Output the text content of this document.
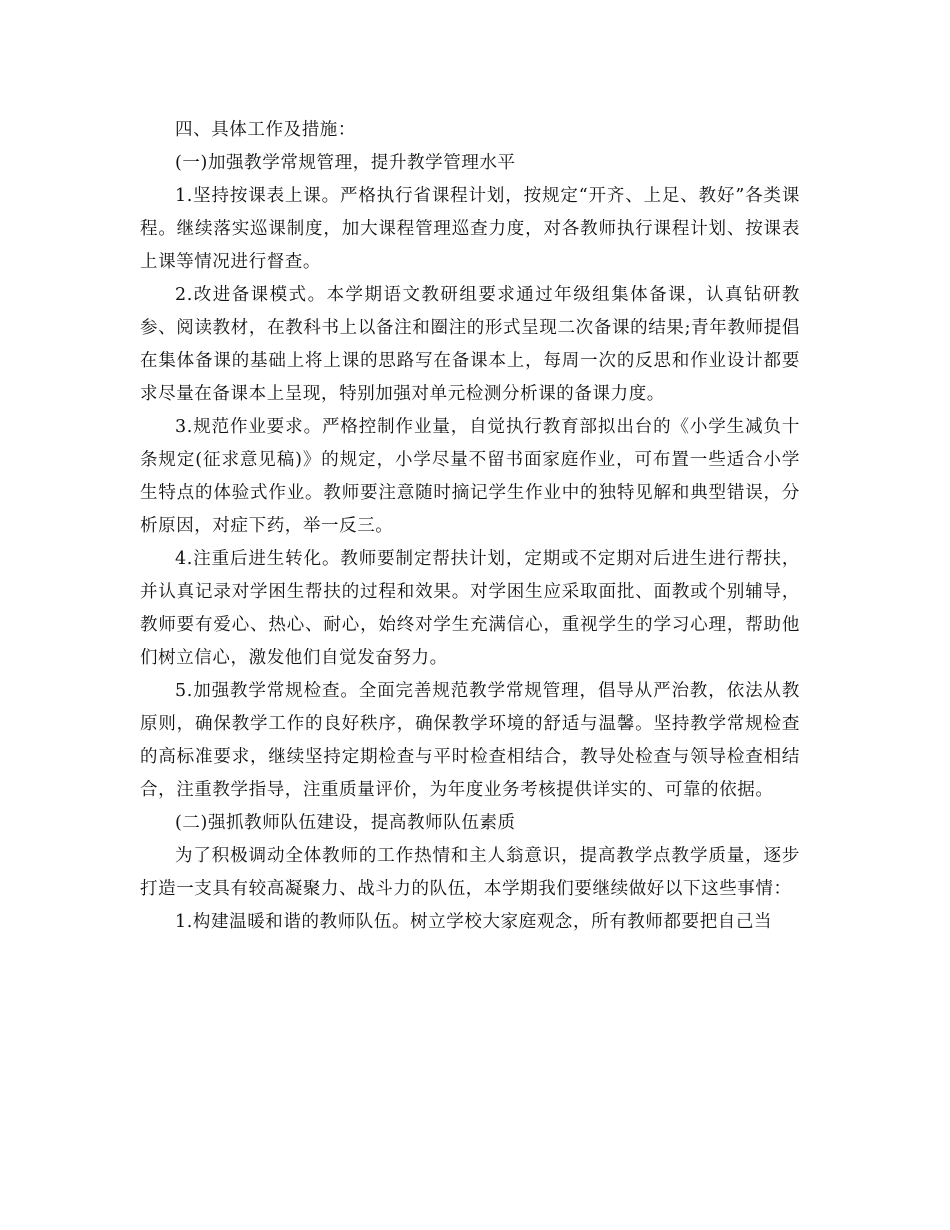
四、具体工作及措施：

(一)加强教学常规管理，提升教学管理水平

1.坚持按课表上课。严格执行省课程计划，按规定“开齐、上足、教好”各类课程。继续落实巡课制度，加大课程管理巡查力度，对各教师执行课程计划、按课表上课等情况进行督查。

2.改进备课模式。本学期语文教研组要求通过年级组集体备课，认真钻研教参、阅读教材，在教科书上以备注和圈注的形式呈现二次备课的结果;青年教师提倡在集体备课的基础上将上课的思路写在备课本上，每周一次的反思和作业设计都要求尽量在备课本上呈现，特别加强对单元检测分析课的备课力度。

3.规范作业要求。严格控制作业量，自觉执行教育部拟出台的《小学生减负十条规定(征求意见稿)》的规定，小学尽量不留书面家庭作业，可布置一些适合小学生特点的体验式作业。教师要注意随时摘记学生作业中的独特见解和典型错误，分析原因，对症下药，举一反三。

4.注重后进生转化。教师要制定帮扶计划，定期或不定期对后进生进行帮扶，并认真记录对学困生帮扶的过程和效果。对学困生应采取面批、面教或个别辅导，教师要有爱心、热心、耐心，始终对学生充满信心，重视学生的学习心理，帮助他们树立信心，激发他们自觉发奋努力。

5.加强教学常规检查。全面完善规范教学常规管理，倡导从严治教，依法从教原则，确保教学工作的良好秩序，确保教学环境的舒适与温馨。坚持教学常规检查的高标准要求，继续坚持定期检查与平时检查相结合，教导处检查与领导检查相结合，注重教学指导，注重质量评价，为年度业务考核提供详实的、可靠的依据。

(二)强抓教师队伍建设，提高教师队伍素质

为了积极调动全体教师的工作热情和主人翁意识，提高教学点教学质量，逐步打造一支具有较高凝聚力、战斗力的队伍，本学期我们要继续做好以下这些事情：

1.构建温暖和谐的教师队伍。树立学校大家庭观念，所有教师都要把自己当
